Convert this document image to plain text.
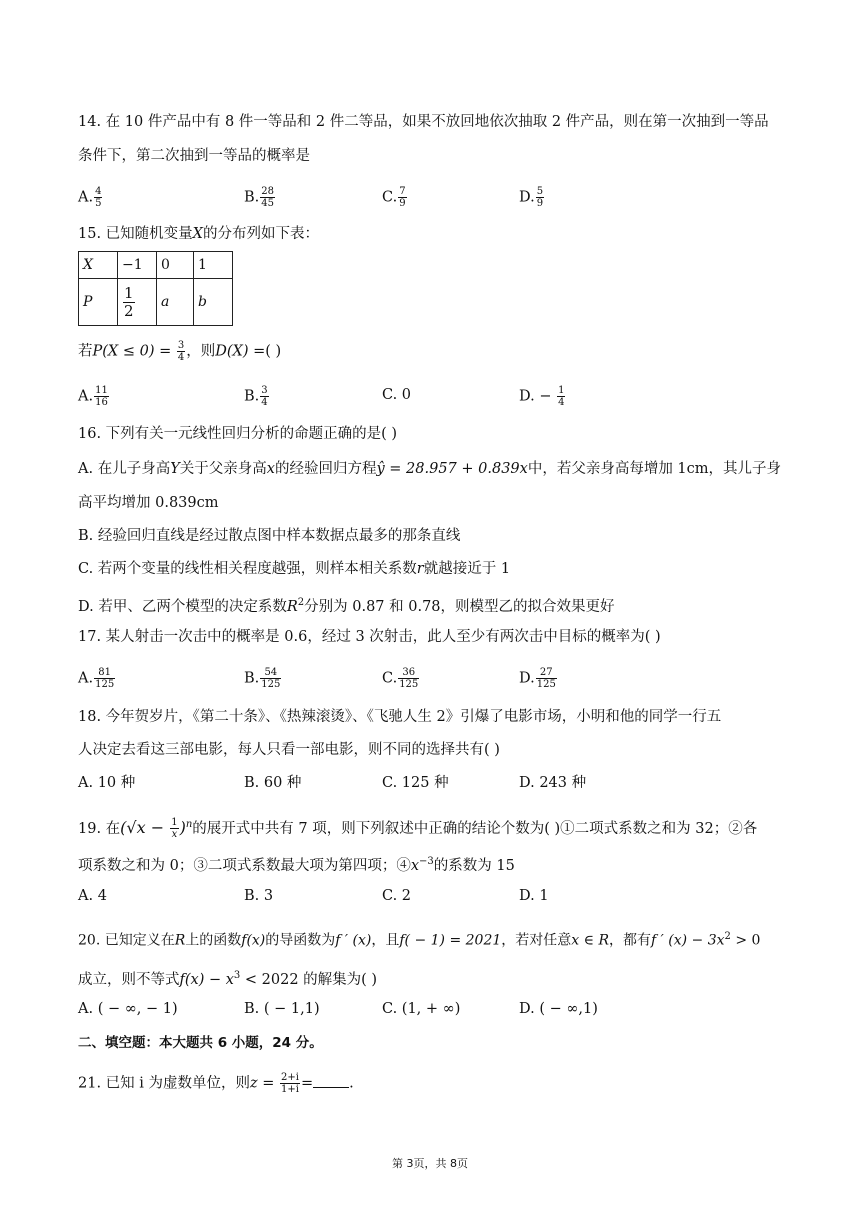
14. 在 10 件产品中有 8 件一等品和 2 件二等品，如果不放回地依次抽取 2 件产品，则在第一次抽到一等品
条件下，第二次抽到一等品的概率是
A. $\frac{4}{5}$	B. $\frac{28}{45}$	C. $\frac{7}{9}$	D. $\frac{5}{9}$
15. 已知随机变量X的分布列如下表：
X	−1	0	1
P	$\frac{1}{2}$	a	b
若$P(X \le 0) = \frac{3}{4}$ ，则D(X) =( )
A. $\frac{11}{16}$	B. $\frac{3}{4}$	C. 0	D. − $\frac{1}{4}$
16. 下列有关一元线性回归分析的命题正确的是( )
A. 在儿子身高Y关于父亲身高x的经验回归方程ŷ = 28.957 + 0.839x中，若父亲身高每增加 1cm，其儿子身
高平均增加 0.839cm
B. 经验回归直线是经过散点图中样本数据点最多的那条直线
C. 若两个变量的线性相关程度越强，则样本相关系数r就越接近于 1
D. 若甲、乙两个模型的决定系数$R^2$分别为 0.87 和 0.78，则模型乙的拟合效果更好
17. 某人射击一次击中的概率是 0.6，经过 3 次射击，此人至少有两次击中目标的概率为( )
A. $\frac{81}{125}$	B. $\frac{54}{125}$	C. $\frac{36}{125}$	D. $\frac{27}{125}$
18. 今年贺岁片，《第二十条》、《热辣滚烫》、《飞驰人生 2》引爆了电影市场，小明和他的同学一行五
人决定去看这三部电影，每人只看一部电影，则不同的选择共有( )
A. 10 种	B. 60 种	C. 125 种	D. 243 种
19. 在$(√x - \frac{1}{x} )^n$的展开式中共有 7 项，则下列叙述中正确的结论个数为( )①二项式系数之和为 32；②各
项系数之和为 0；③二项式系数最大项为第四项；$④x^{-3}$的系数为 15
A. 4	B. 3	C. 2	D. 1
20. 已知定义在R上的函数f(x)的导函数为f ′ (x)，且f( − 1) = 2021，若对任意x ∈ R，都有f ′ $(x) - 3x^2 > 0$
成立，则不等式$f(x) - x^3 < 2022$ 的解集为( )
A. ( − ∞, − 1)	B. ( − 1,1)	C. (1, + ∞)	D. ( − ∞,1)
二、填空题：本大题共 6 小题，24 分。
21. 已知 i 为虚数单位，则$z = \frac{2+i}{1+i}$ = .
第 3页，共 8页
